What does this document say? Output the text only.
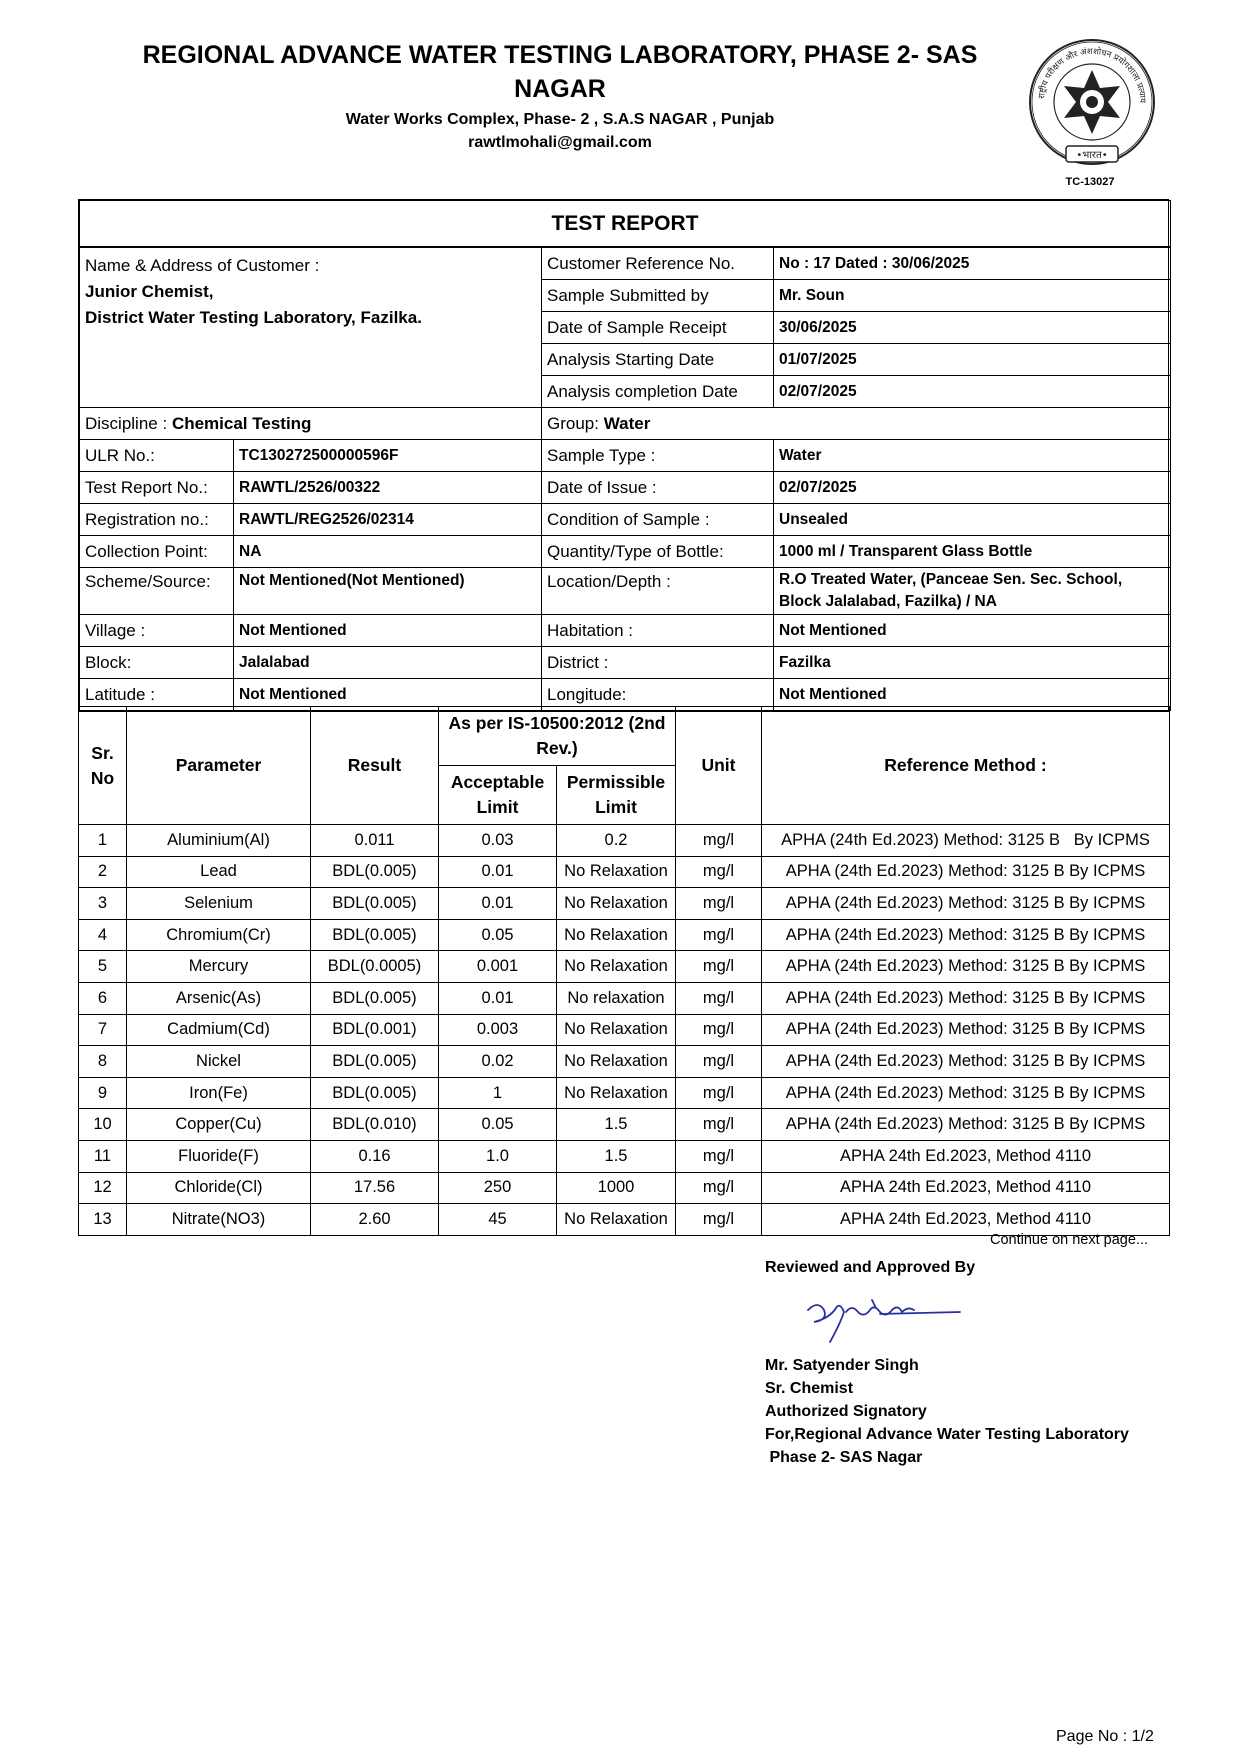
REGIONAL ADVANCE WATER TESTING LABORATORY, PHASE 2- SAS NAGAR
Water Works Complex, Phase- 2 , S.A.S NAGAR , Punjab
rawtlmohali@gmail.com
राष्ट्रीय परीक्षण और अंशशोधन प्रयोगशाला प्रत्याय
•भारत•
TC-13027
TEST REPORT			

Name & Address of Customer :
Junior Chemist,
District Water Testing Laboratory, Fazilka.		Customer Reference No.	No : 17 Dated : 30/06/2025
		Sample Submitted by	Mr. Soun
		Date of Sample Receipt	30/06/2025
		Analysis Starting Date	01/07/2025
		Analysis completion Date	02/07/2025
Discipline : Chemical Testing		Group: Water	
ULR No.:	TC130272500000596F	Sample Type :	Water
Test Report No.:	RAWTL/2526/00322	Date of Issue :	02/07/2025
Registration no.:	RAWTL/REG2526/02314	Condition of Sample :	Unsealed
Collection Point:	NA	Quantity/Type of Bottle:	1000 ml / Transparent Glass Bottle
Scheme/Source:	Not Mentioned(Not Mentioned)	Location/Depth :	R.O Treated Water, (Panceae Sen. Sec. School,
Block Jalalabad, Fazilka) / NA

Village :	Not Mentioned	Habitation :	Not Mentioned
Block:	Jalalabad	District :	Fazilka
Latitude :	Not Mentioned	Longitude:	Not Mentioned
Sr. No	Parameter	Result	As per IS-10500:2012 (2nd Rev.)		Unit	Reference Method :
			Acceptable Limit	Permissible Limit		
1	Aluminium(Al)	0.011	0.03	0.2	mg/l	APHA (24th Ed.2023) Method: 3125 B   By ICPMS
2	Lead	BDL(0.005)	0.01	No Relaxation	mg/l	APHA (24th Ed.2023) Method: 3125 B By ICPMS
3	Selenium	BDL(0.005)	0.01	No Relaxation	mg/l	APHA (24th Ed.2023) Method: 3125 B By ICPMS
4	Chromium(Cr)	BDL(0.005)	0.05	No Relaxation	mg/l	APHA (24th Ed.2023) Method: 3125 B By ICPMS
5	Mercury	BDL(0.0005)	0.001	No Relaxation	mg/l	APHA (24th Ed.2023) Method: 3125 B By ICPMS
6	Arsenic(As)	BDL(0.005)	0.01	No relaxation	mg/l	APHA (24th Ed.2023) Method: 3125 B By ICPMS
7	Cadmium(Cd)	BDL(0.001)	0.003	No Relaxation	mg/l	APHA (24th Ed.2023) Method: 3125 B By ICPMS
8	Nickel	BDL(0.005)	0.02	No Relaxation	mg/l	APHA (24th Ed.2023) Method: 3125 B By ICPMS
9	Iron(Fe)	BDL(0.005)	1	No Relaxation	mg/l	APHA (24th Ed.2023) Method: 3125 B By ICPMS
10	Copper(Cu)	BDL(0.010)	0.05	1.5	mg/l	APHA (24th Ed.2023) Method: 3125 B By ICPMS
11	Fluoride(F)	0.16	1.0	1.5	mg/l	APHA 24th Ed.2023, Method 4110
12	Chloride(Cl)	17.56	250	1000	mg/l	APHA 24th Ed.2023, Method 4110
13	Nitrate(NO3)	2.60	45	No Relaxation	mg/l	APHA 24th Ed.2023, Method 4110
Continue on next page...
Reviewed and Approved By
Mr. Satyender Singh
Sr. Chemist
Authorized Signatory
For,Regional Advance Water Testing Laboratory
Phase 2- SAS Nagar
Page No : 1/2
